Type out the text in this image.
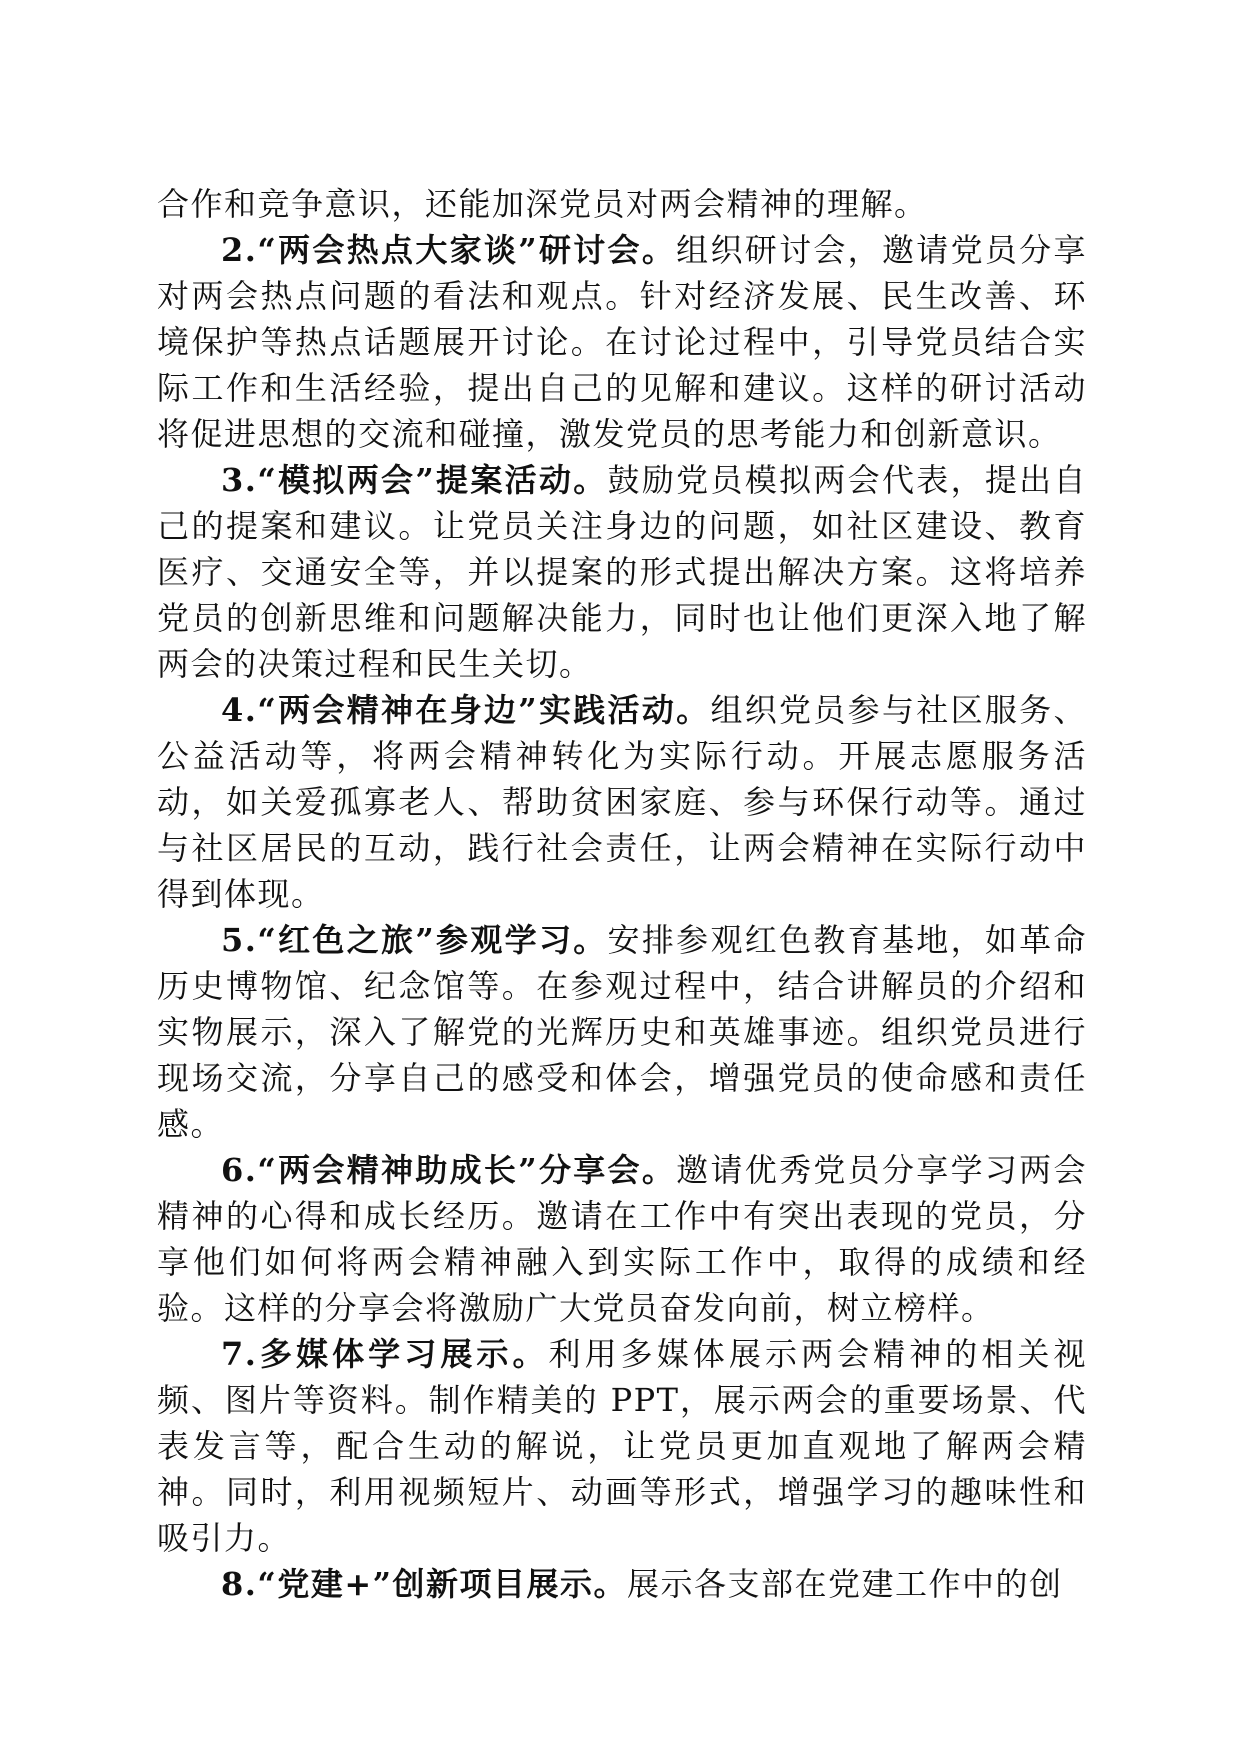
合作和竞争意识，还能加深党员对两会精神的理解。

2.“两会热点大家谈”研讨会。组织研讨会，邀请党员分享对两会热点问题的看法和观点。针对经济发展、民生改善、环境保护等热点话题展开讨论。在讨论过程中，引导党员结合实际工作和生活经验，提出自己的见解和建议。这样的研讨活动将促进思想的交流和碰撞，激发党员的思考能力和创新意识。

3.“模拟两会”提案活动。鼓励党员模拟两会代表，提出自己的提案和建议。让党员关注身边的问题，如社区建设、教育医疗、交通安全等，并以提案的形式提出解决方案。这将培养党员的创新思维和问题解决能力，同时也让他们更深入地了解两会的决策过程和民生关切。

4.“两会精神在身边”实践活动。组织党员参与社区服务、公益活动等，将两会精神转化为实际行动。开展志愿服务活动，如关爱孤寡老人、帮助贫困家庭、参与环保行动等。通过与社区居民的互动，践行社会责任，让两会精神在实际行动中得到体现。

5.“红色之旅”参观学习。安排参观红色教育基地，如革命历史博物馆、纪念馆等。在参观过程中，结合讲解员的介绍和实物展示，深入了解党的光辉历史和英雄事迹。组织党员进行现场交流，分享自己的感受和体会，增强党员的使命感和责任感。

6.“两会精神助成长”分享会。邀请优秀党员分享学习两会精神的心得和成长经历。邀请在工作中有突出表现的党员，分享他们如何将两会精神融入到实际工作中，取得的成绩和经验。这样的分享会将激励广大党员奋发向前，树立榜样。

7.多媒体学习展示。利用多媒体展示两会精神的相关视频、图片等资料。制作精美的 PPT，展示两会的重要场景、代表发言等，配合生动的解说，让党员更加直观地了解两会精神。同时，利用视频短片、动画等形式，增强学习的趣味性和吸引力。

8.“党建+”创新项目展示。展示各支部在党建工作中的创
